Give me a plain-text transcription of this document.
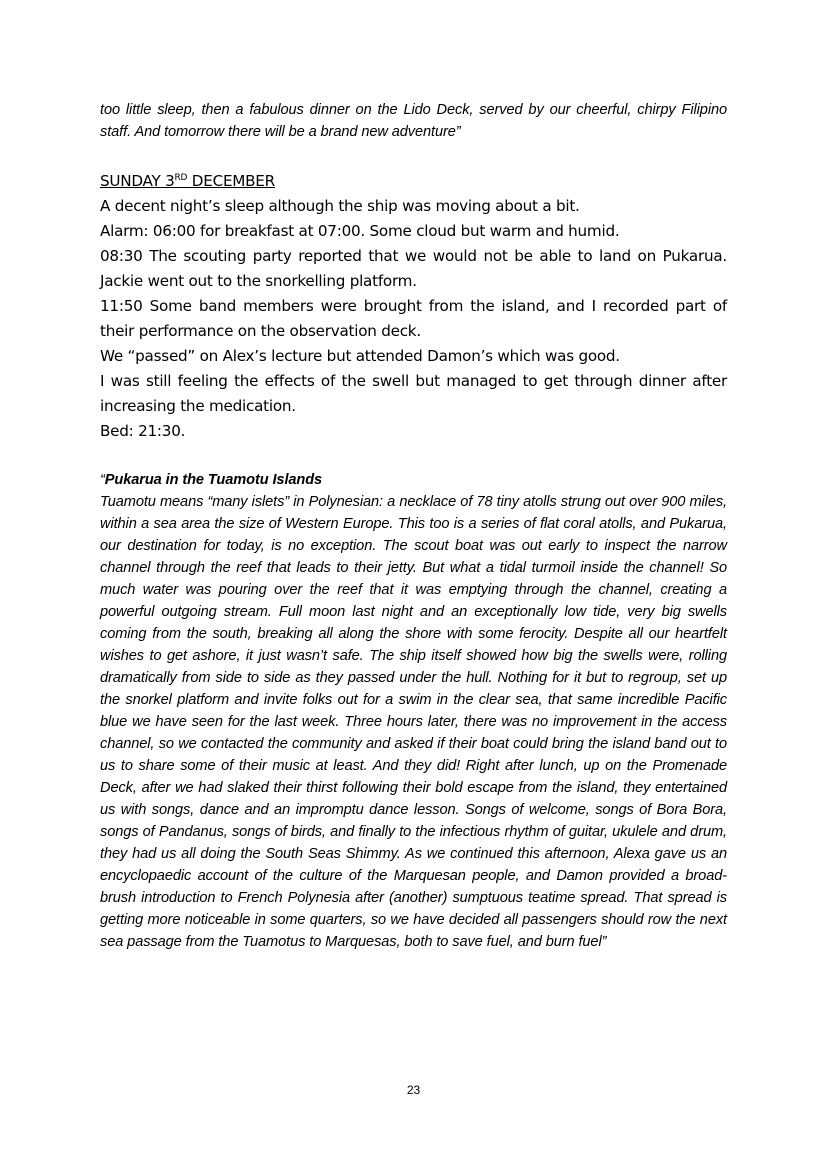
too little sleep, then a fabulous dinner on the Lido Deck, served by our cheerful, chirpy Filipino staff. And tomorrow there will be a brand new adventure”

SUNDAY 3RD DECEMBER

A decent night’s sleep although the ship was moving about a bit.

Alarm: 06:00 for breakfast at 07:00. Some cloud but warm and humid.

08:30 The scouting party reported that we would not be able to land on Pukarua. Jackie went out to the snorkelling platform.

11:50 Some band members were brought from the island, and I recorded part of their performance on the observation deck.

We “passed” on Alex’s lecture but attended Damon’s which was good.

I was still feeling the effects of the swell but managed to get through dinner after increasing the medication.

Bed: 21:30.

“Pukarua in the Tuamotu Islands

Tuamotu means “many islets” in Polynesian: a necklace of 78 tiny atolls strung out over 900 miles, within a sea area the size of Western Europe. This too is a series of flat coral atolls, and Pukarua, our destination for today, is no exception. The scout boat was out early to inspect the narrow channel through the reef that leads to their jetty. But what a tidal turmoil inside the channel! So much water was pouring over the reef that it was emptying through the channel, creating a powerful outgoing stream. Full moon last night and an exceptionally low tide, very big swells coming from the south, breaking all along the shore with some ferocity. Despite all our heartfelt wishes to get ashore, it just wasn’t safe. The ship itself showed how big the swells were, rolling dramatically from side to side as they passed under the hull. Nothing for it but to regroup, set up the snorkel platform and invite folks out for a swim in the clear sea, that same incredible Pacific blue we have seen for the last week. Three hours later, there was no improvement in the access channel, so we contacted the community and asked if their boat could bring the island band out to us to share some of their music at least. And they did! Right after lunch, up on the Promenade Deck, after we had slaked their thirst following their bold escape from the island, they entertained us with songs, dance and an impromptu dance lesson. Songs of welcome, songs of Bora Bora, songs of Pandanus, songs of birds, and finally to the infectious rhythm of guitar, ukulele and drum, they had us all doing the South Seas Shimmy. As we continued this afternoon, Alexa gave us an encyclopaedic account of the culture of the Marquesan people, and Damon provided a broad-brush introduction to French Polynesia after (another) sumptuous teatime spread. That spread is getting more noticeable in some quarters, so we have decided all passengers should row the next sea passage from the Tuamotus to Marquesas, both to save fuel, and burn fuel”

23
